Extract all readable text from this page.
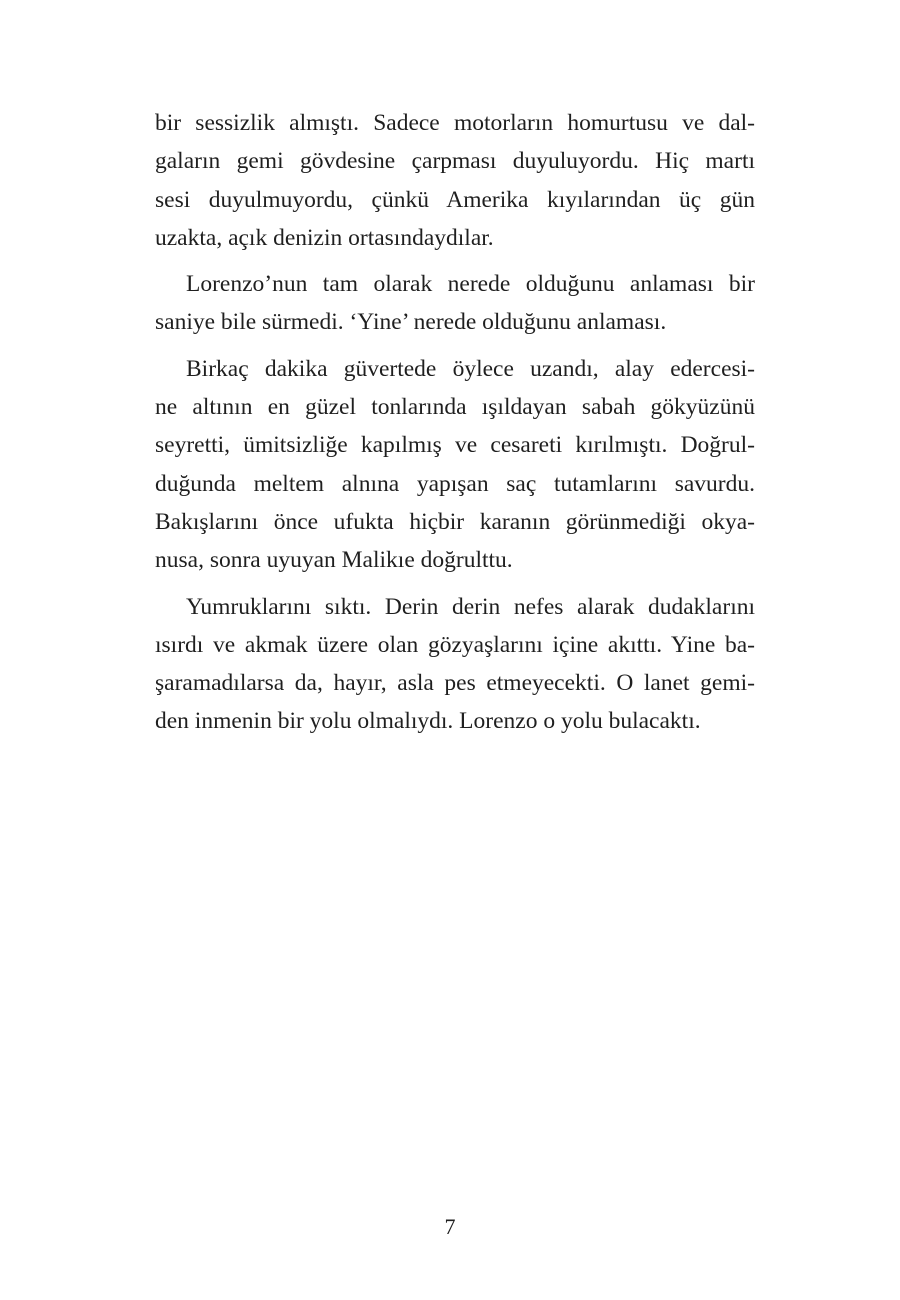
bir sessizlik almıştı. Sadece motorların homurtusu ve dal-
gaların gemi gövdesine çarpması duyuluyordu. Hiç martı
sesi duyulmuyordu, çünkü Amerika kıyılarından üç gün
uzakta, açık denizin ortasındaydılar.

Lorenzo’nun tam olarak nerede olduğunu anlaması bir
saniye bile sürmedi. ‘Yine’ nerede olduğunu anlaması.

Birkaç dakika güvertede öylece uzandı, alay edercesi-
ne altının en güzel tonlarında ışıldayan sabah gökyüzünü
seyretti, ümitsizliğe kapılmış ve cesareti kırılmıştı. Doğrul-
duğunda meltem alnına yapışan saç tutamlarını savurdu.
Bakışlarını önce ufukta hiçbir karanın görünmediği okya-
nusa, sonra uyuyan Malikıe doğrulttu.

Yumruklarını sıktı. Derin derin nefes alarak dudaklarını
ısırdı ve akmak üzere olan gözyaşlarını içine akıttı. Yine ba-
şaramadılarsa da, hayır, asla pes etmeyecekti. O lanet gemi-
den inmenin bir yolu olmalıydı. Lorenzo o yolu bulacaktı.

7
